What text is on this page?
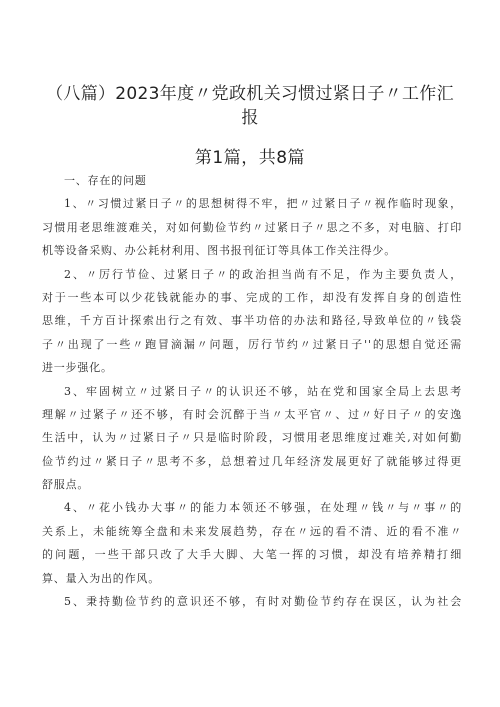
（八篇）2023年度〃党政机关习惯过紧日子〃工作汇
报
第1篇，共8篇
一、存在的问题
1、〃习惯过紧日子〃的思想树得不牢，把〃过紧日子〃视作临时现象，
习惯用老思维渡难关，对如何勤俭节约〃过紧日子〃思之不多，对电脑、打印
机等设备采购、办公耗材利用、图书报刊征订等具体工作关注得少。
2、〃厉行节俭、过紧日子〃的政治担当尚有不足，作为主要负责人，
对于一些本可以少花钱就能办的事、完成的工作，却没有发挥自身的创造性
思维，千方百计探索出行之有效、事半功倍的办法和路径,导致单位的〃钱袋
子〃出现了一些〃跑冒滴漏〃问题，厉行节约〃过紧日子''的思想自觉还需
进一步强化。
3、牢固树立〃过紧日子〃的认识还不够，站在党和国家全局上去思考
理解〃过紧子〃还不够，有时会沉醉于当〃太平官〃、过〃好日子〃的安逸
生活中，认为〃过紧日子〃只是临时阶段，习惯用老思维度过难关,对如何勤
俭节约过〃紧日子〃思考不多，总想着过几年经济发展更好了就能够过得更
舒服点。
4、〃花小钱办大事〃的能力本领还不够强，在处理〃钱〃与〃事〃的
关系上，未能统筹全盘和未来发展趋势，存在〃远的看不清、近的看不准〃
的问题，一些干部只改了大手大脚、大笔一挥的习惯，却没有培养精打细
算、量入为出的作风。
5、秉持勤俭节约的意识还不够，有时对勤俭节约存在误区，认为社会
